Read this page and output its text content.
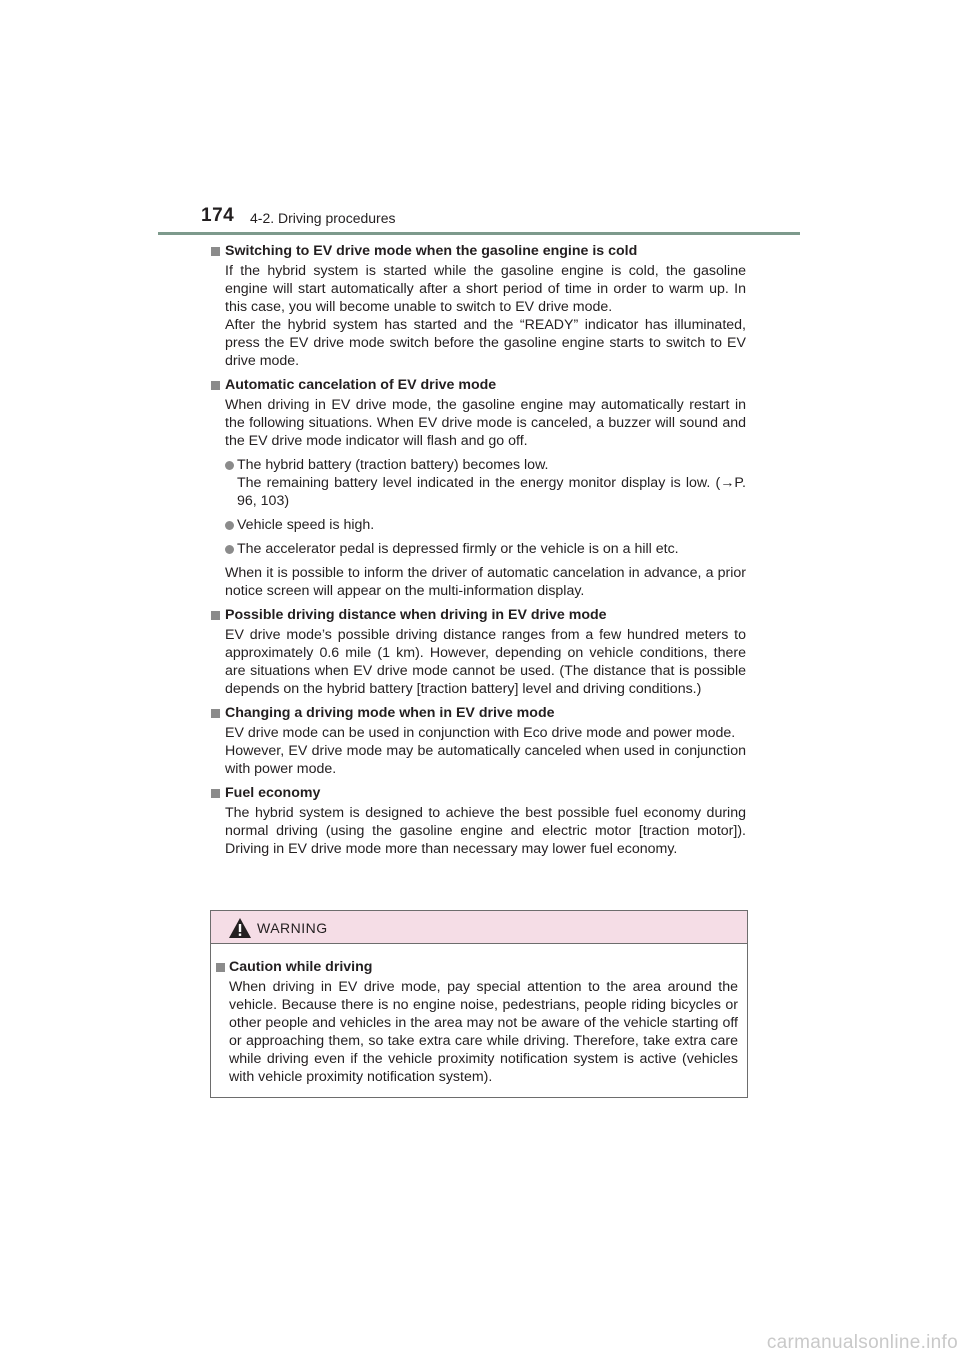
174 4-2. Driving procedures
Switching to EV drive mode when the gasoline engine is cold
If the hybrid system is started while the gasoline engine is cold, the gasoline engine will start automatically after a short period of time in order to warm up. In this case, you will become unable to switch to EV drive mode.
After the hybrid system has started and the “READY” indicator has illuminated, press the EV drive mode switch before the gasoline engine starts to switch to EV drive mode.
Automatic cancelation of EV drive mode
When driving in EV drive mode, the gasoline engine may automatically restart in the following situations. When EV drive mode is canceled, a buzzer will sound and the EV drive mode indicator will flash and go off.
The hybrid battery (traction battery) becomes low.
The remaining battery level indicated in the energy monitor display is low. (→P. 96, 103)
Vehicle speed is high.
The accelerator pedal is depressed firmly or the vehicle is on a hill etc.
When it is possible to inform the driver of automatic cancelation in advance, a prior notice screen will appear on the multi-information display.
Possible driving distance when driving in EV drive mode
EV drive mode’s possible driving distance ranges from a few hundred meters to approximately 0.6 mile (1 km). However, depending on vehicle conditions, there are situations when EV drive mode cannot be used. (The distance that is possible depends on the hybrid battery [traction battery] level and driving conditions.)
Changing a driving mode when in EV drive mode
EV drive mode can be used in conjunction with Eco drive mode and power mode.
However, EV drive mode may be automatically canceled when used in conjunction with power mode.
Fuel economy
The hybrid system is designed to achieve the best possible fuel economy during normal driving (using the gasoline engine and electric motor [traction motor]). Driving in EV drive mode more than necessary may lower fuel economy.
WARNING
Caution while driving
When driving in EV drive mode, pay special attention to the area around the vehicle. Because there is no engine noise, pedestrians, people riding bicycles or other people and vehicles in the area may not be aware of the vehicle starting off or approaching them, so take extra care while driving. Therefore, take extra care while driving even if the vehicle proximity notification system is active (vehicles with vehicle proximity notification system).
carmanualsonline.info
